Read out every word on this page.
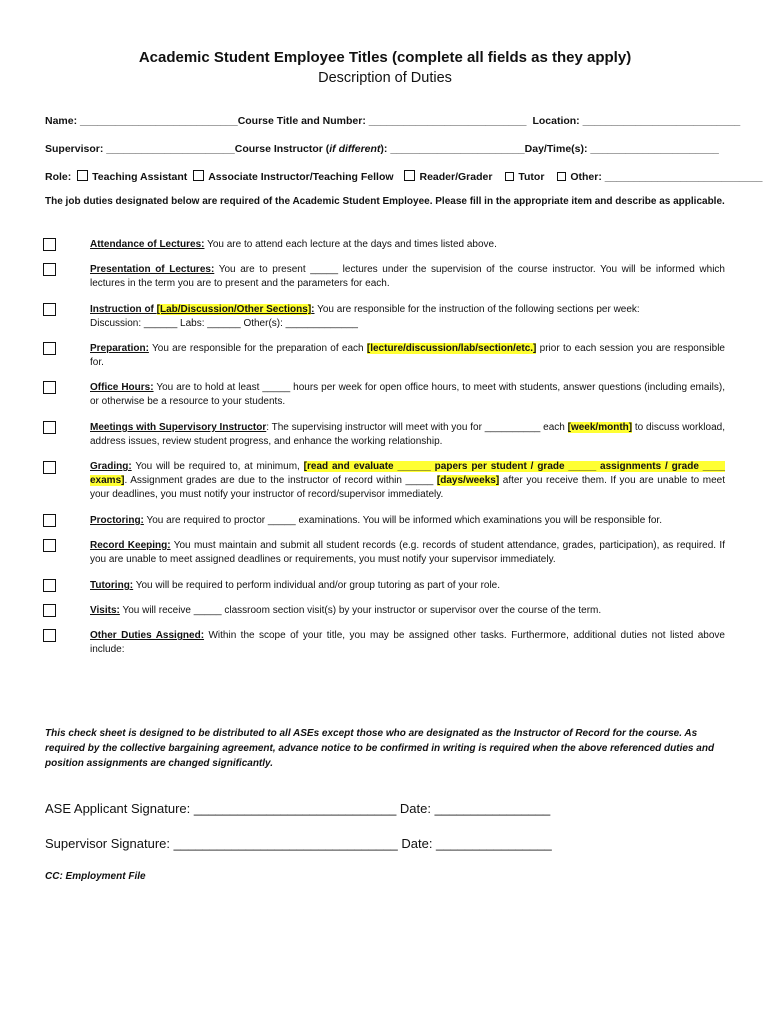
Academic Student Employee Titles (complete all fields as they apply)
Description of Duties
Name: ___________________________Course Title and Number: ___________________________ Location: ___________________________
Supervisor: ______________________Course Instructor (if different): _______________________Day/Time(s): ______________________
Role: Teaching Assistant Associate Instructor/Teaching Fellow Reader/Grader Tutor Other: ___________________________
The job duties designated below are required of the Academic Student Employee. Please fill in the appropriate item and describe as applicable.
Attendance of Lectures: You are to attend each lecture at the days and times listed above.
Presentation of Lectures: You are to present _____ lectures under the supervision of the course instructor. You will be informed which lectures in the term you are to present and the parameters for each.
Instruction of [Lab/Discussion/Other Sections]: You are responsible for the instruction of the following sections per week:
Discussion: ______ Labs: ______ Other(s): _____________
Preparation: You are responsible for the preparation of each [lecture/discussion/lab/section/etc.] prior to each session you are responsible for.
Office Hours: You are to hold at least _____ hours per week for open office hours, to meet with students, answer questions (including emails), or otherwise be a resource to your students.
Meetings with Supervisory Instructor: The supervising instructor will meet with you for __________ each [week/month] to discuss workload, address issues, review student progress, and enhance the working relationship.
Grading: You will be required to, at minimum, [read and evaluate ______ papers per student / grade _____ assignments / grade ____ exams]. Assignment grades are due to the instructor of record within _____ [days/weeks] after you receive them. If you are unable to meet your deadlines, you must notify your instructor of record/supervisor immediately.
Proctoring: You are required to proctor _____ examinations. You will be informed which examinations you will be responsible for.
Record Keeping: You must maintain and submit all student records (e.g. records of student attendance, grades, participation), as required. If you are unable to meet assigned deadlines or requirements, you must notify your supervisor immediately.
Tutoring: You will be required to perform individual and/or group tutoring as part of your role.
Visits: You will receive _____ classroom section visit(s) by your instructor or supervisor over the course of the term.
Other Duties Assigned: Within the scope of your title, you may be assigned other tasks. Furthermore, additional duties not listed above include:
This check sheet is designed to be distributed to all ASEs except those who are designated as the Instructor of Record for the course. As required by the collective bargaining agreement, advance notice to be confirmed in writing is required when the above referenced duties and position assignments are changed significantly.
ASE Applicant Signature: ____________________________ Date: ________________
Supervisor Signature: _______________________________ Date: ________________
CC: Employment File
